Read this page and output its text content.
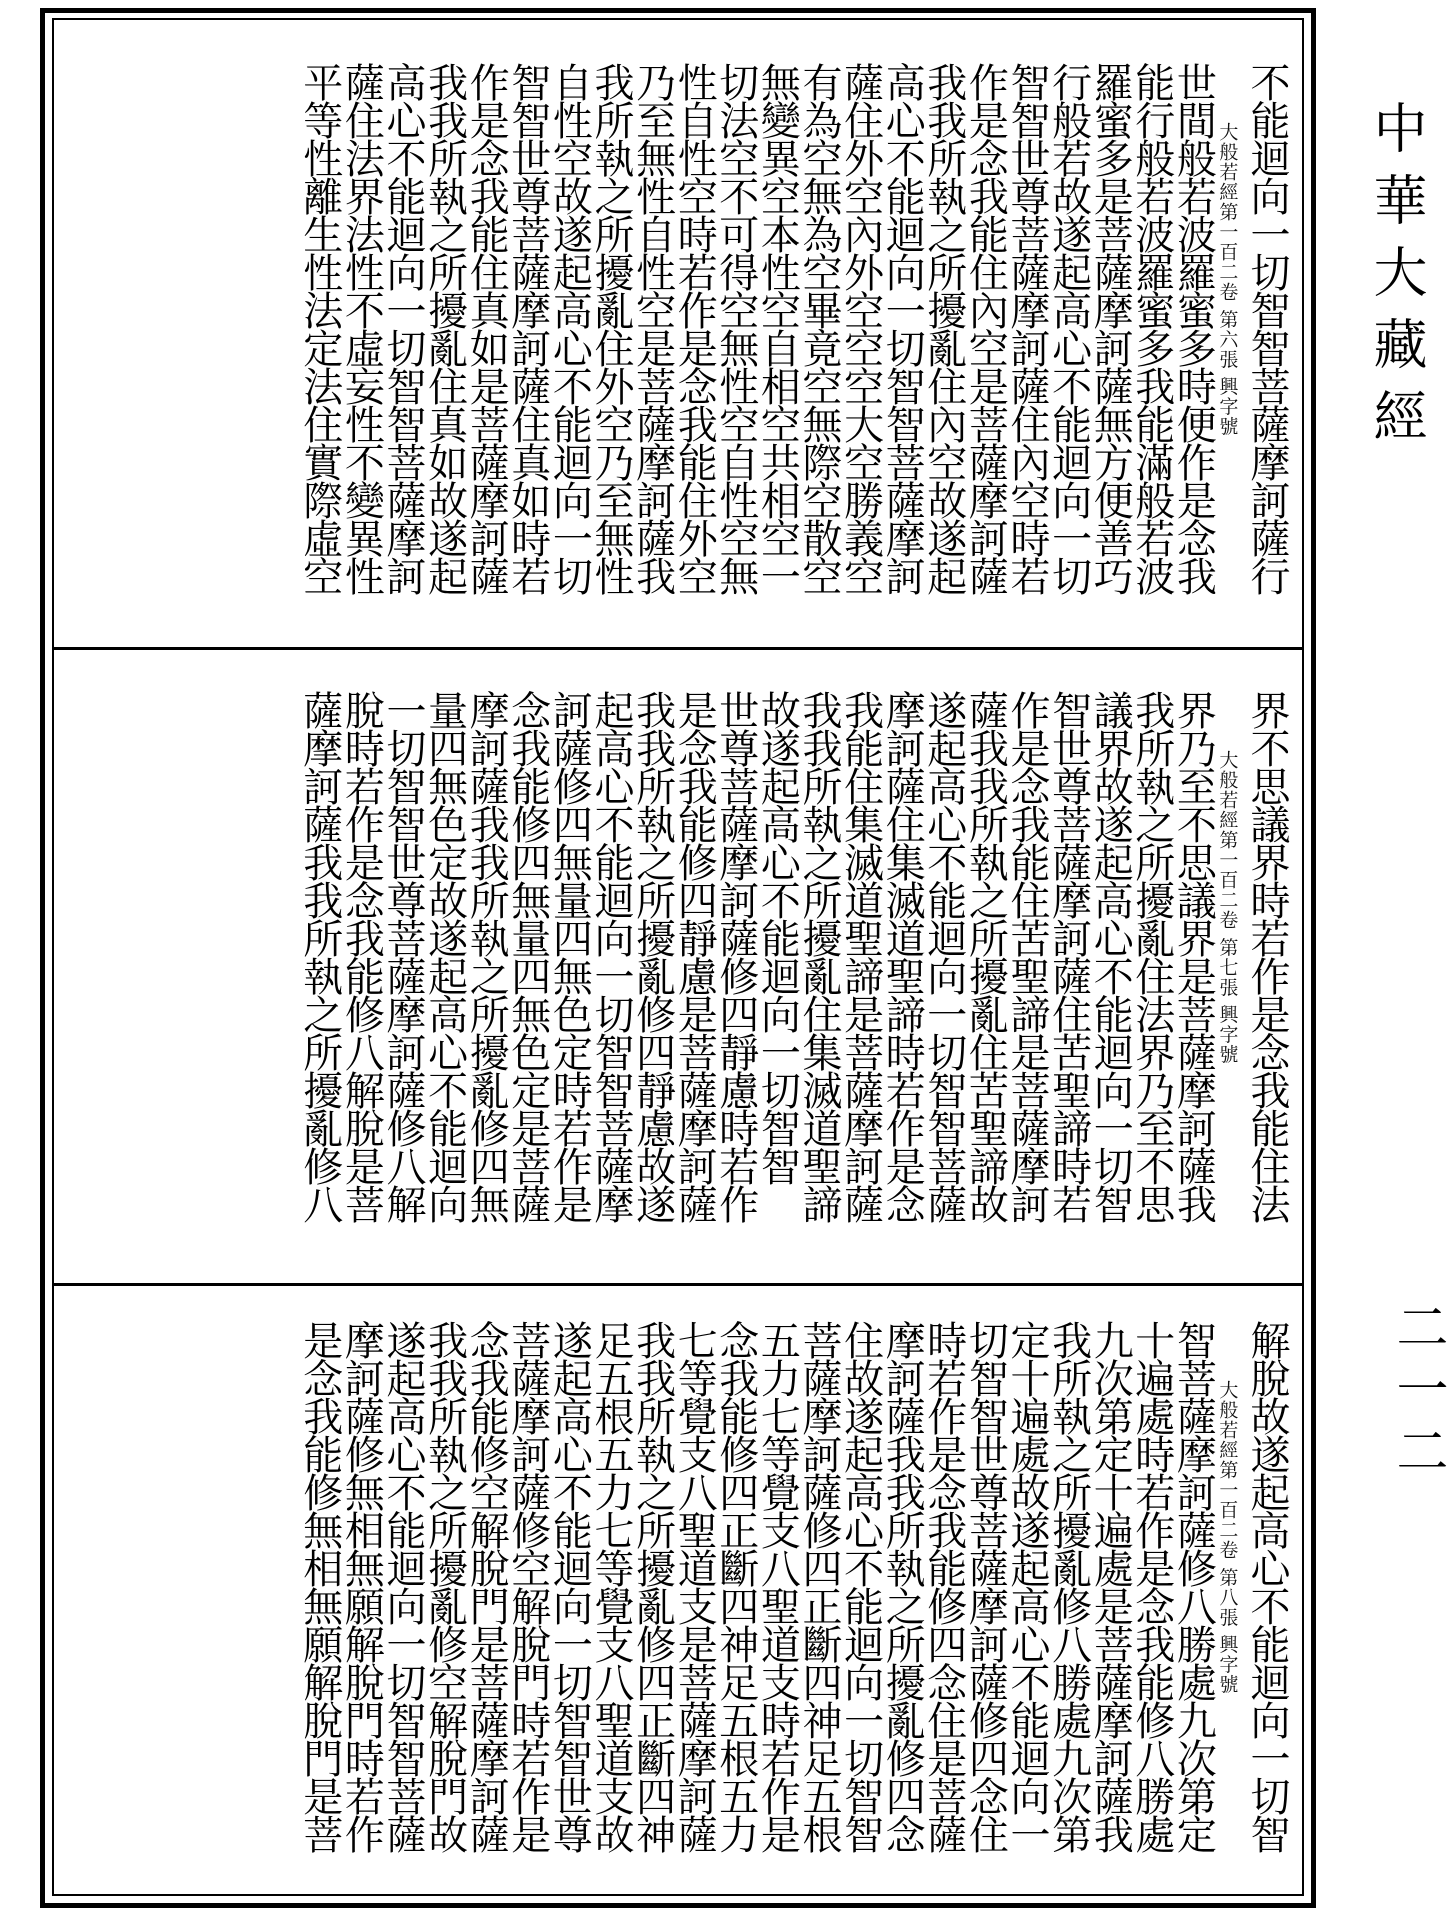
中華大藏經
二一二
不能迴向一切智智菩薩摩訶薩行
世間般若波羅蜜多時便作是念我
能行般若波羅蜜多我能滿般若波
羅蜜多是菩薩摩訶薩無方便善巧
行般若故遂起高心不能迴向一切
智智世尊菩薩摩訶薩住內空時若
作是念我能住內空是菩薩摩訶薩
我我所執之所擾亂住內空故遂起
高心不能迴向一切智智菩薩摩訶
薩住外空內外空空空大空勝義空
有為空無為空畢竟空無際空散空
無變異空本性空自相空共相空一
切法空不可得空無性空自性空無
性自性空時若作是念我能住外空
乃至無性自性空是菩薩摩訶薩我
我所執之所擾亂住外空乃至無性
自性空故遂起高心不能迴向一切
智智世尊菩薩摩訶薩住真如時若
作是念我能住真如是菩薩摩訶薩
我我所執之所擾亂住真如故遂起
高心不能迴向一切智智菩薩摩訶
薩住法界法性不虛妄性不變異性
平等性離生性法定法住實際虛空	大般若經第一百二卷 第六張 興字號
界不思議界時若作是念我能住法
界乃至不思議界是菩薩摩訶薩我
我所執之所擾亂住法界乃至不思
議界故遂起高心不能迴向一切智
智世尊菩薩摩訶薩住苦聖諦時若
作是念我能住苦聖諦是菩薩摩訶
薩我我所執之所擾亂住苦聖諦故
遂起高心不能迴向一切智智菩薩
摩訶薩住集滅道聖諦時若作是念
我能住集滅道聖諦是菩薩摩訶薩
我我所執之所擾亂住集滅道聖諦
故遂起高心不能迴向一切智智
世尊菩薩摩訶薩修四靜慮時若作
是念我能修四靜慮是菩薩摩訶薩
我我所執之所擾亂修四靜慮故遂
起高心不能迴向一切智智菩薩摩
訶薩修四無量四無色定時若作是
念我能修四無量四無色定是菩薩
摩訶薩我我所執之所擾亂修四無
量四無色定故遂起高心不能迴向
一切智智世尊菩薩摩訶薩修八解
脫時若作是念我能修八解脫是菩
薩摩訶薩我我所執之所擾亂修八	大般若經第一百二卷 第七張 興字號
解脫故遂起高心不能迴向一切智
智菩薩摩訶薩修八勝處九次第定
十遍處時若作是念我能修八勝處
九次第定十遍處是菩薩摩訶薩我
我所執之所擾亂修八勝處九次第
定十遍處故遂起高心不能迴向一
切智智世尊菩薩摩訶薩修四念住
時若作是念我能修四念住是菩薩
摩訶薩我我所執之所擾亂修四念
住故遂起高心不能迴向一切智智
菩薩摩訶薩修四正斷四神足五根
五力七等覺支八聖道支時若作是
念我能修四正斷四神足五根五力
七等覺支八聖道支是菩薩摩訶薩
我我所執之所擾亂修四正斷四神
足五根五力七等覺支八聖道支故
遂起高心不能迴向一切智智世尊
菩薩摩訶薩修空解脫門時若作是
念我能修空解脫門是菩薩摩訶薩
我我所執之所擾亂修空解脫門故
遂起高心不能迴向一切智智菩薩
摩訶薩修無相無願解脫門時若作
是念我能修無相無願解脫門是菩	大般若經第一百二卷 第八張 興字號
